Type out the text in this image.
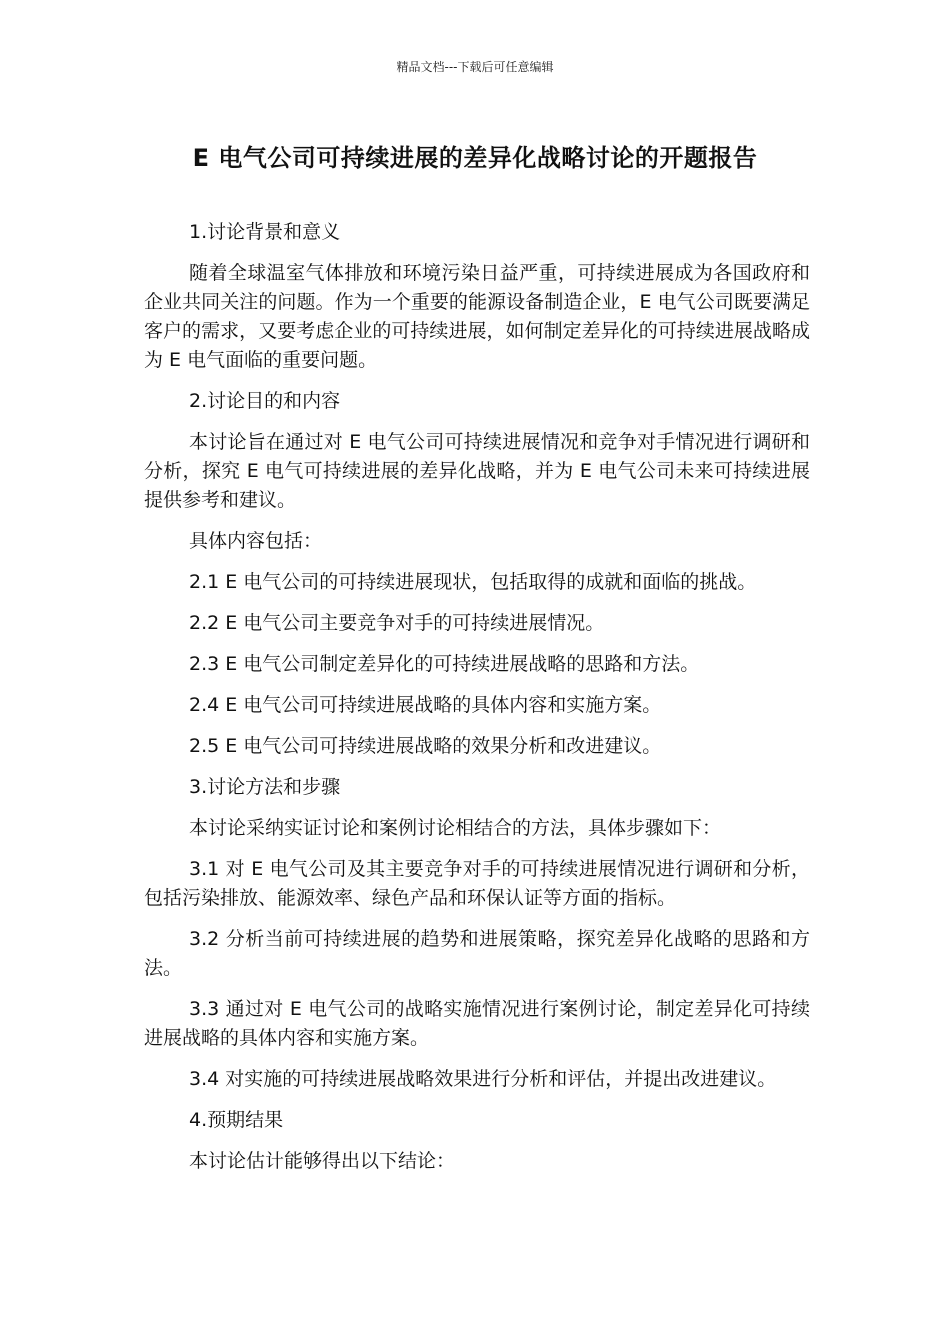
精品文档---下载后可任意编辑
E 电气公司可持续进展的差异化战略讨论的开题报告

1.讨论背景和意义

随着全球温室气体排放和环境污染日益严重，可持续进展成为各国政府和企业共同关注的问题。作为一个重要的能源设备制造企业，E 电气公司既要满足客户的需求，又要考虑企业的可持续进展，如何制定差异化的可持续进展战略成为 E 电气面临的重要问题。

2.讨论目的和内容

本讨论旨在通过对 E 电气公司可持续进展情况和竞争对手情况进行调研和分析，探究 E 电气可持续进展的差异化战略，并为 E 电气公司未来可持续进展提供参考和建议。

具体内容包括：

2.1 E 电气公司的可持续进展现状，包括取得的成就和面临的挑战。

2.2 E 电气公司主要竞争对手的可持续进展情况。

2.3 E 电气公司制定差异化的可持续进展战略的思路和方法。

2.4 E 电气公司可持续进展战略的具体内容和实施方案。

2.5 E 电气公司可持续进展战略的效果分析和改进建议。

3.讨论方法和步骤

本讨论采纳实证讨论和案例讨论相结合的方法，具体步骤如下：

3.1 对 E 电气公司及其主要竞争对手的可持续进展情况进行调研和分析，包括污染排放、能源效率、绿色产品和环保认证等方面的指标。

3.2 分析当前可持续进展的趋势和进展策略，探究差异化战略的思路和方法。

3.3 通过对 E 电气公司的战略实施情况进行案例讨论，制定差异化可持续进展战略的具体内容和实施方案。

3.4 对实施的可持续进展战略效果进行分析和评估，并提出改进建议。

4.预期结果

本讨论估计能够得出以下结论：
